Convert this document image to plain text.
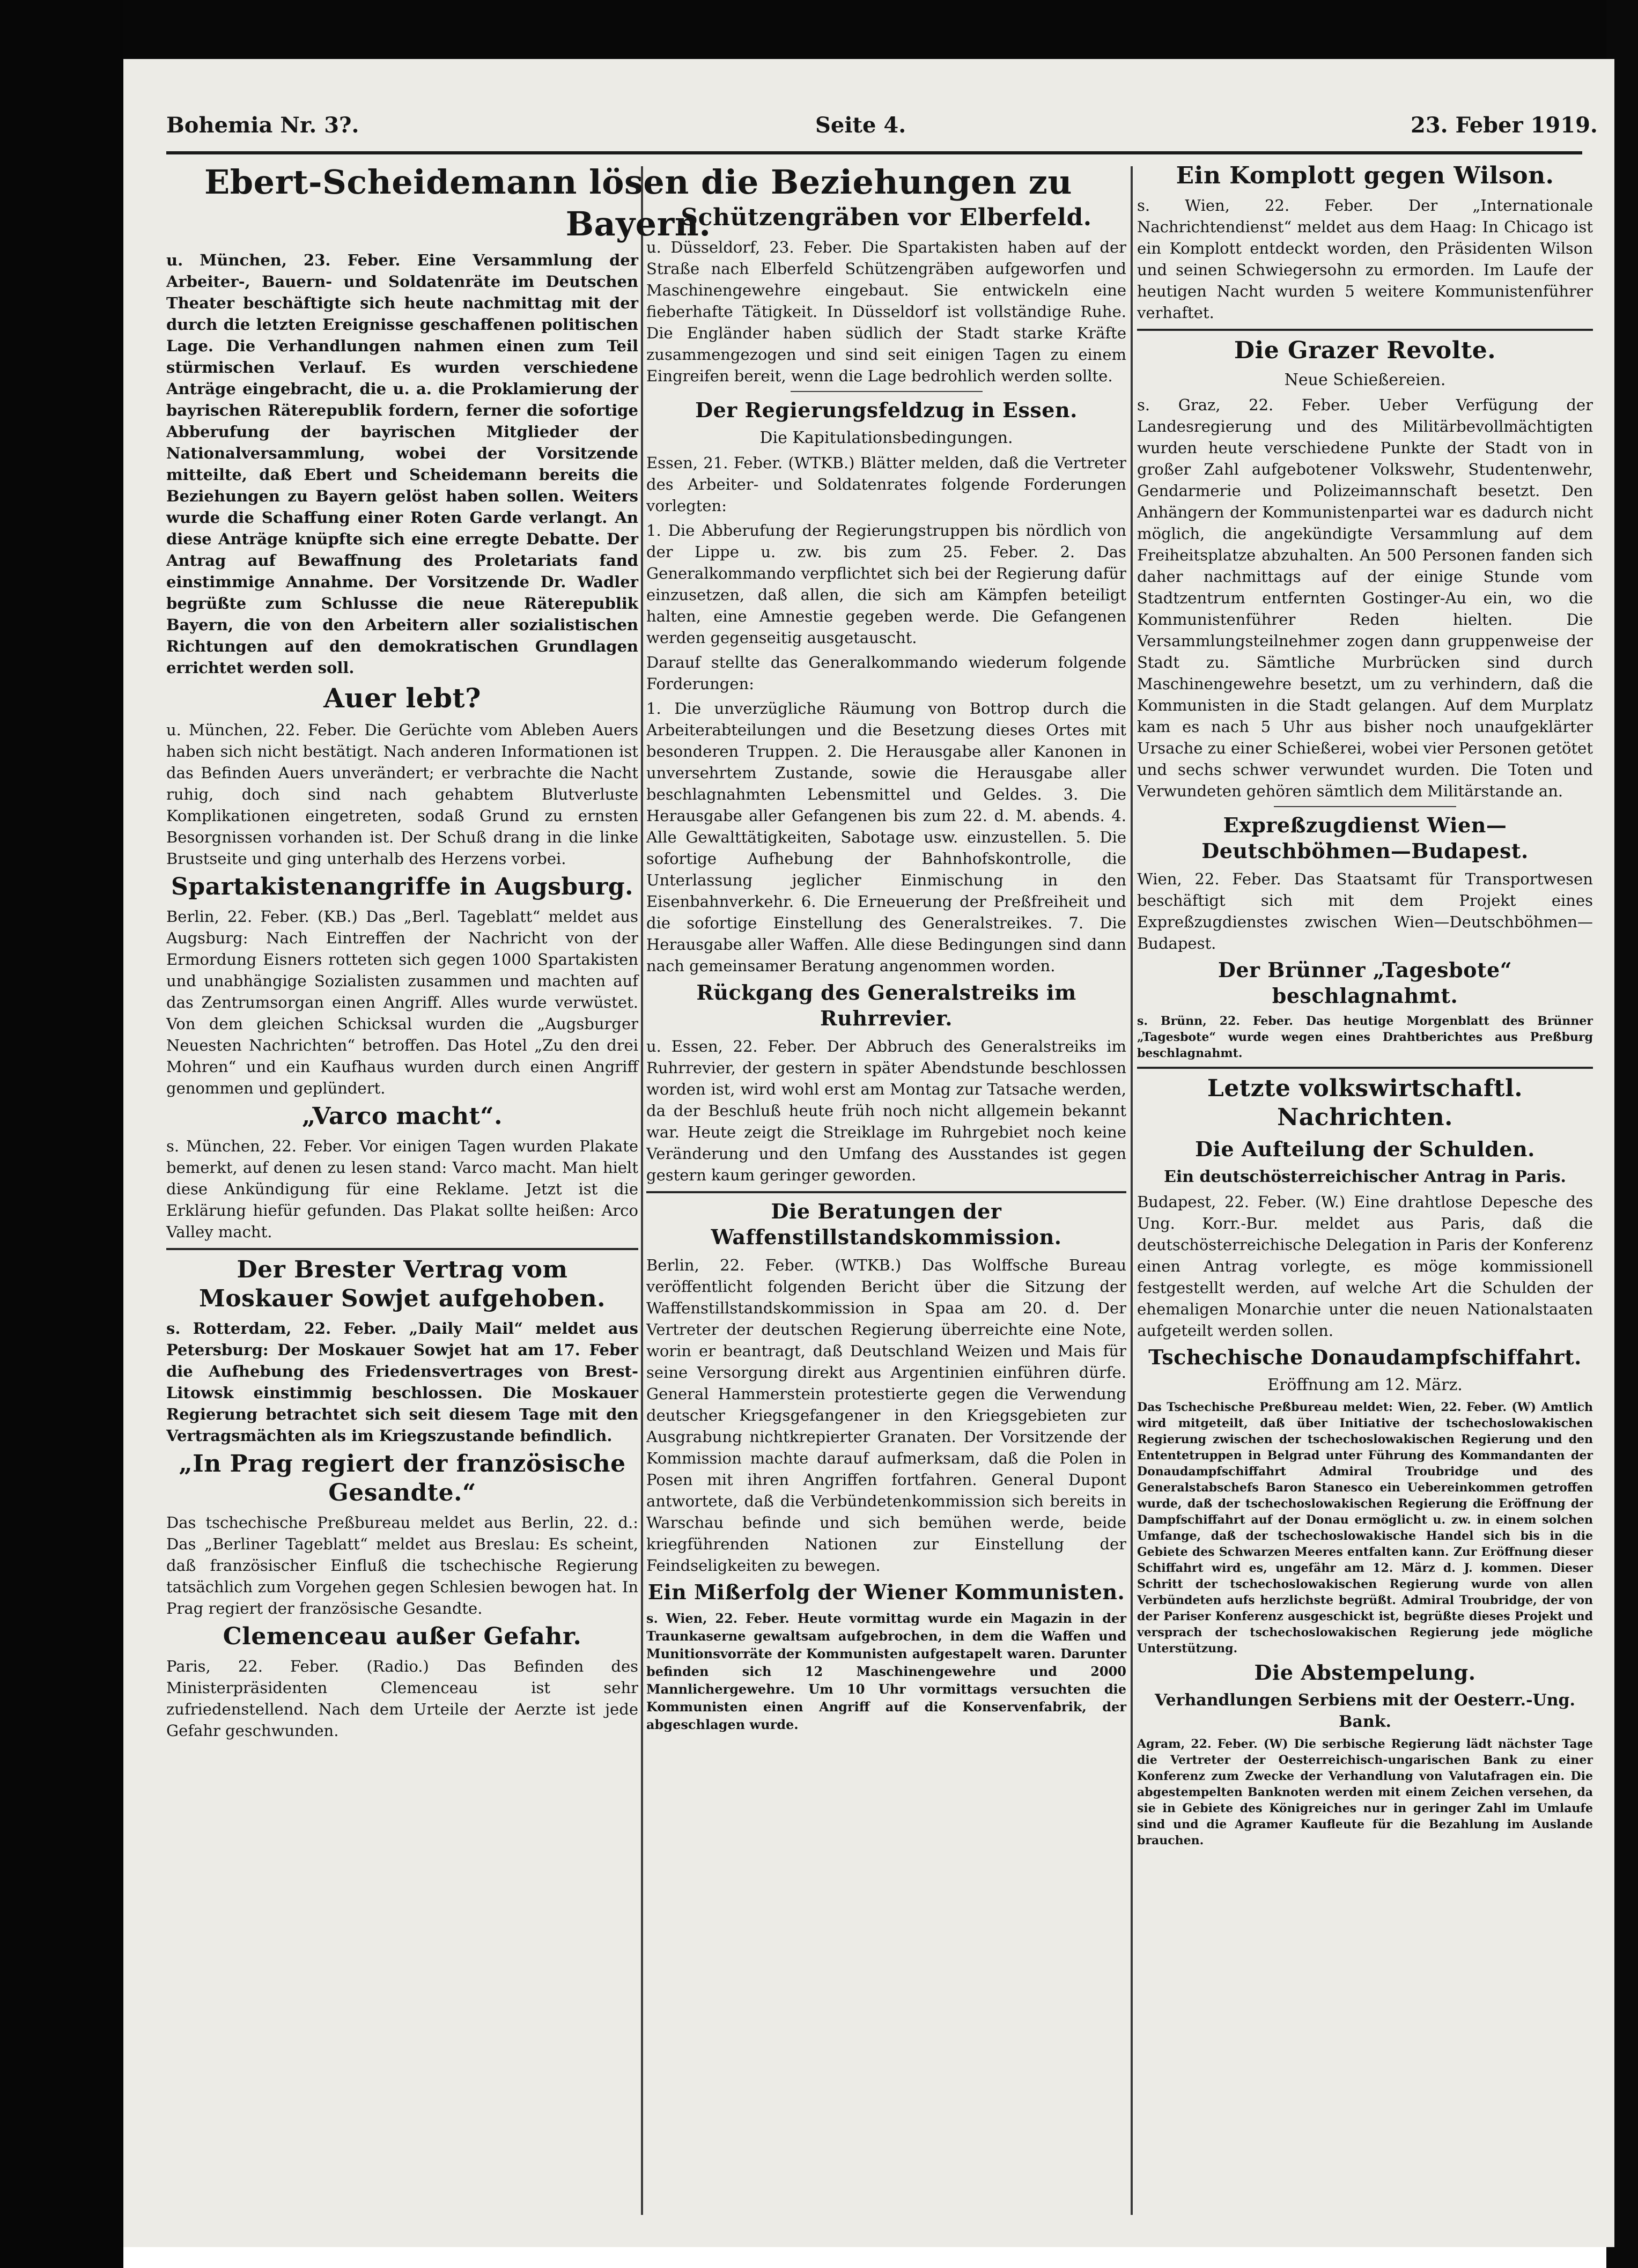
Bohemia Nr. 3?.	Seite 4.	23. Feber 1919.
Ebert-Scheidemann lösen die Beziehungen zu Bayern.

u. München, 23. Feber. Eine Versammlung der Arbeiter-, Bauern- und Soldatenräte im Deutschen Theater beschäftigte sich heute nachmittag mit der durch die letzten Ereignisse geschaffenen politischen Lage. Die Verhandlungen nahmen einen zum Teil stürmischen Verlauf. Es wurden verschiedene Anträge eingebracht, die u. a. die Proklamierung der bayrischen Räterepublik fordern, ferner die sofortige Abberufung der bayrischen Mitglieder der Nationalversammlung, wobei der Vorsitzende mitteilte, daß Ebert und Scheidemann bereits die Beziehungen zu Bayern gelöst haben sollen. Weiters wurde die Schaffung einer Roten Garde verlangt. An diese Anträge knüpfte sich eine erregte Debatte. Der Antrag auf Bewaffnung des Proletariats fand einstimmige Annahme. Der Vorsitzende Dr. Wadler begrüßte zum Schlusse die neue Räterepublik Bayern, die von den Arbeitern aller sozialistischen Richtungen auf den demokratischen Grundlagen errichtet werden soll.

Auer lebt?

u. München, 22. Feber. Die Gerüchte vom Ableben Auers haben sich nicht bestätigt. Nach anderen Informationen ist das Befinden Auers unverändert; er verbrachte die Nacht ruhig, doch sind nach gehabtem Blutverluste Komplikationen eingetreten, sodaß Grund zu ernsten Besorgnissen vorhanden ist. Der Schuß drang in die linke Brustseite und ging unterhalb des Herzens vorbei.

Spartakistenangriffe in Augsburg.

Berlin, 22. Feber. (KB.) Das „Berl. Tageblatt“ meldet aus Augsburg: Nach Eintreffen der Nachricht von der Ermordung Eisners rotteten sich gegen 1000 Spartakisten und unabhängige Sozialisten zusammen und machten auf das Zentrumsorgan einen Angriff. Alles wurde verwüstet. Von dem gleichen Schicksal wurden die „Augsburger Neuesten Nachrichten“ betroffen. Das Hotel „Zu den drei Mohren“ und ein Kaufhaus wurden durch einen Angriff genommen und geplündert.

„Varco macht“.

s. München, 22. Feber. Vor einigen Tagen wurden Plakate bemerkt, auf denen zu lesen stand: Varco macht. Man hielt diese Ankündigung für eine Reklame. Jetzt ist die Erklärung hiefür gefunden. Das Plakat sollte heißen: Arco Valley macht.

Der Brester Vertrag vom Moskauer Sowjet aufgehoben.

s. Rotterdam, 22. Feber. „Daily Mail“ meldet aus Petersburg: Der Moskauer Sowjet hat am 17. Feber die Aufhebung des Friedensvertrages von Brest-Litowsk einstimmig beschlossen. Die Moskauer Regierung betrachtet sich seit diesem Tage mit den Vertragsmächten als im Kriegszustande befindlich.

„In Prag regiert der französische Gesandte.“

Das tschechische Preßbureau meldet aus Berlin, 22. d.: Das „Berliner Tageblatt“ meldet aus Breslau: Es scheint, daß französischer Einfluß die tschechische Regierung tatsächlich zum Vorgehen gegen Schlesien bewogen hat. In Prag regiert der französische Gesandte.

Clemenceau außer Gefahr.

Paris, 22. Feber. (Radio.) Das Befinden des Ministerpräsidenten Clemenceau ist sehr zufriedenstellend. Nach dem Urteile der Aerzte ist jede Gefahr geschwunden.

Schützengräben vor Elberfeld.

u. Düsseldorf, 23. Feber. Die Spartakisten haben auf der Straße nach Elberfeld Schützengräben aufgeworfen und Maschinengewehre eingebaut. Sie entwickeln eine fieberhafte Tätigkeit. In Düsseldorf ist vollständige Ruhe. Die Engländer haben südlich der Stadt starke Kräfte zusammengezogen und sind seit einigen Tagen zu einem Eingreifen bereit, wenn die Lage bedrohlich werden sollte.

Der Regierungsfeldzug in Essen.
Die Kapitulationsbedingungen.

Essen, 21. Feber. (WTKB.) Blätter melden, daß die Vertreter des Arbeiter- und Soldatenrates folgende Forderungen vorlegten:

1. Die Abberufung der Regierungstruppen bis nördlich von der Lippe u. zw. bis zum 25. Feber. 2. Das Generalkommando verpflichtet sich bei der Regierung dafür einzusetzen, daß allen, die sich am Kämpfen beteiligt halten, eine Amnestie gegeben werde. Die Gefangenen werden gegenseitig ausgetauscht.

Darauf stellte das Generalkommando wiederum folgende Forderungen:

1. Die unverzügliche Räumung von Bottrop durch die Arbeiterabteilungen und die Besetzung dieses Ortes mit besonderen Truppen. 2. Die Herausgabe aller Kanonen in unversehrtem Zustande, sowie die Herausgabe aller beschlagnahmten Lebensmittel und Geldes. 3. Die Herausgabe aller Gefangenen bis zum 22. d. M. abends. 4. Alle Gewalttätigkeiten, Sabotage usw. einzustellen. 5. Die sofortige Aufhebung der Bahnhofskontrolle, die Unterlassung jeglicher Einmischung in den Eisenbahnverkehr. 6. Die Erneuerung der Preßfreiheit und die sofortige Einstellung des Generalstreikes. 7. Die Herausgabe aller Waffen. Alle diese Bedingungen sind dann nach gemeinsamer Beratung angenommen worden.

Rückgang des Generalstreiks im Ruhrrevier.

u. Essen, 22. Feber. Der Abbruch des Generalstreiks im Ruhrrevier, der gestern in später Abendstunde beschlossen worden ist, wird wohl erst am Montag zur Tatsache werden, da der Beschluß heute früh noch nicht allgemein bekannt war. Heute zeigt die Streiklage im Ruhrgebiet noch keine Veränderung und den Umfang des Ausstandes ist gegen gestern kaum geringer geworden.

Die Beratungen der Waffenstillstandskommission.

Berlin, 22. Feber. (WTKB.) Das Wolffsche Bureau veröffentlicht folgenden Bericht über die Sitzung der Waffenstillstandskommission in Spaa am 20. d. Der Vertreter der deutschen Regierung überreichte eine Note, worin er beantragt, daß Deutschland Weizen und Mais für seine Versorgung direkt aus Argentinien einführen dürfe. General Hammerstein protestierte gegen die Verwendung deutscher Kriegsgefangener in den Kriegsgebieten zur Ausgrabung nichtkrepierter Granaten. Der Vorsitzende der Kommission machte darauf aufmerksam, daß die Polen in Posen mit ihren Angriffen fortfahren. General Dupont antwortete, daß die Verbündetenkommission sich bereits in Warschau befinde und sich bemühen werde, beide kriegführenden Nationen zur Einstellung der Feindseligkeiten zu bewegen.

Ein Mißerfolg der Wiener Kommunisten.

s. Wien, 22. Feber. Heute vormittag wurde ein Magazin in der Traunkaserne gewaltsam aufgebrochen, in dem die Waffen und Munitionsvorräte der Kommunisten aufgestapelt waren. Darunter befinden sich 12 Maschinengewehre und 2000 Mannlichergewehre. Um 10 Uhr vormittags versuchten die Kommunisten einen Angriff auf die Konservenfabrik, der abgeschlagen wurde.

Ein Komplott gegen Wilson.

s. Wien, 22. Feber. Der „Internationale Nachrichtendienst“ meldet aus dem Haag: In Chicago ist ein Komplott entdeckt worden, den Präsidenten Wilson und seinen Schwiegersohn zu ermorden. Im Laufe der heutigen Nacht wurden 5 weitere Kommunistenführer verhaftet.

Die Grazer Revolte.
Neue Schießereien.

s. Graz, 22. Feber. Ueber Verfügung der Landesregierung und des Militärbevollmächtigten wurden heute verschiedene Punkte der Stadt von in großer Zahl aufgebotener Volkswehr, Studentenwehr, Gendarmerie und Polizeimannschaft besetzt. Den Anhängern der Kommunistenpartei war es dadurch nicht möglich, die angekündigte Versammlung auf dem Freiheitsplatze abzuhalten. An 500 Personen fanden sich daher nachmittags auf der einige Stunde vom Stadtzentrum entfernten Gostinger-Au ein, wo die Kommunistenführer Reden hielten. Die Versammlungsteilnehmer zogen dann gruppenweise der Stadt zu. Sämtliche Murbrücken sind durch Maschinengewehre besetzt, um zu verhindern, daß die Kommunisten in die Stadt gelangen. Auf dem Murplatz kam es nach 5 Uhr aus bisher noch unaufgeklärter Ursache zu einer Schießerei, wobei vier Personen getötet und sechs schwer verwundet wurden. Die Toten und Verwundeten gehören sämtlich dem Militärstande an.

Expreßzugdienst Wien—Deutschböhmen—Budapest.

Wien, 22. Feber. Das Staatsamt für Transportwesen beschäftigt sich mit dem Projekt eines Expreßzugdienstes zwischen Wien—Deutschböhmen—Budapest.

Der Brünner „Tagesbote“ beschlagnahmt.

s. Brünn, 22. Feber. Das heutige Morgenblatt des Brünner „Tagesbote“ wurde wegen eines Drahtberichtes aus Preßburg beschlagnahmt.

Letzte volkswirtschaftl. Nachrichten.
Die Aufteilung der Schulden.
Ein deutschösterreichischer Antrag in Paris.

Budapest, 22. Feber. (W.) Eine drahtlose Depesche des Ung. Korr.-Bur. meldet aus Paris, daß die deutschösterreichische Delegation in Paris der Konferenz einen Antrag vorlegte, es möge kommissionell festgestellt werden, auf welche Art die Schulden der ehemaligen Monarchie unter die neuen Nationalstaaten aufgeteilt werden sollen.

Tschechische Donaudampfschiffahrt.
Eröffnung am 12. März.

Das Tschechische Preßbureau meldet: Wien, 22. Feber. (W) Amtlich wird mitgeteilt, daß über Initiative der tschechoslowakischen Regierung zwischen der tschechoslowakischen Regierung und den Ententetruppen in Belgrad unter Führung des Kommandanten der Donaudampfschiffahrt Admiral Troubridge und des Generalstabschefs Baron Stanesco ein Uebereinkommen getroffen wurde, daß der tschechoslowakischen Regierung die Eröffnung der Dampfschiffahrt auf der Donau ermöglicht u. zw. in einem solchen Umfange, daß der tschechoslowakische Handel sich bis in die Gebiete des Schwarzen Meeres entfalten kann. Zur Eröffnung dieser Schiffahrt wird es, ungefähr am 12. März d. J. kommen. Dieser Schritt der tschechoslowakischen Regierung wurde von allen Verbündeten aufs herzlichste begrüßt. Admiral Troubridge, der von der Pariser Konferenz ausgeschickt ist, begrüßte dieses Projekt und versprach der tschechoslowakischen Regierung jede mögliche Unterstützung.

Die Abstempelung.
Verhandlungen Serbiens mit der Oesterr.-Ung. Bank.

Agram, 22. Feber. (W) Die serbische Regierung lädt nächster Tage die Vertreter der Oesterreichisch-ungarischen Bank zu einer Konferenz zum Zwecke der Verhandlung von Valutafragen ein. Die abgestempelten Banknoten werden mit einem Zeichen versehen, da sie in Gebiete des Königreiches nur in geringer Zahl im Umlaufe sind und die Agramer Kaufleute für die Bezahlung im Auslande brauchen.
